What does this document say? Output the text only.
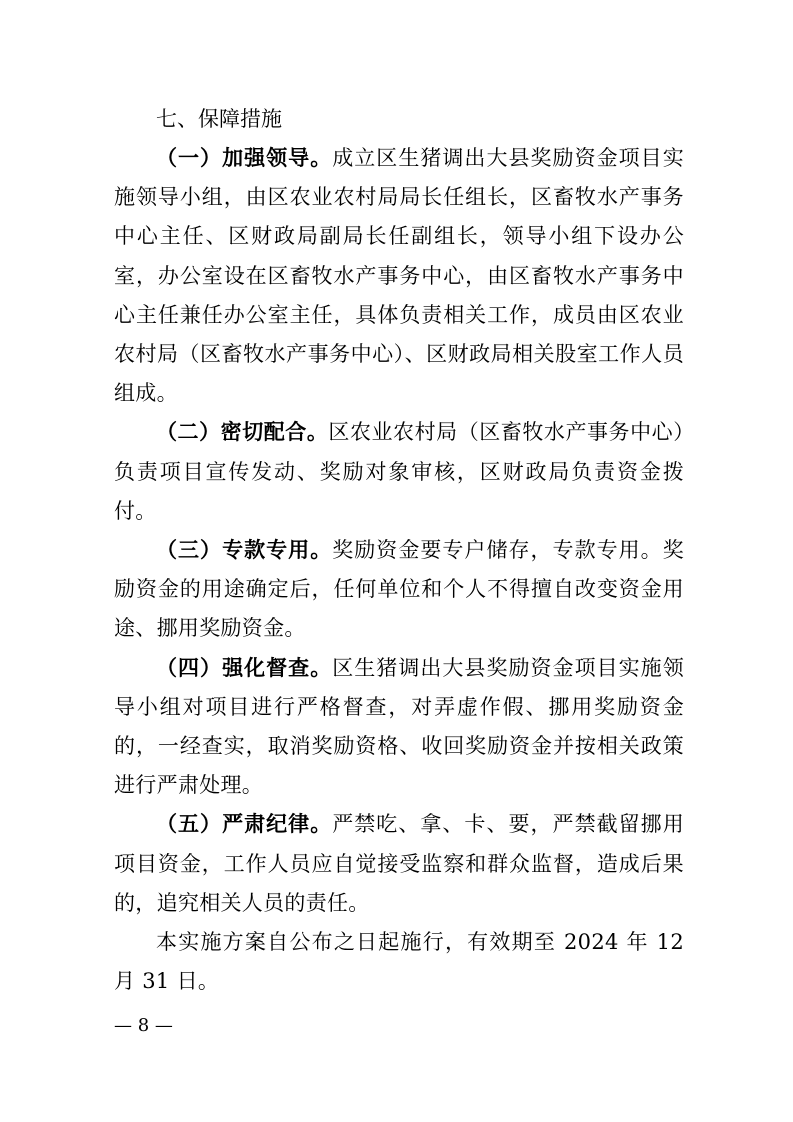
七、保障措施

（一）加强领导。成立区生猪调出大县奖励资金项目实施领导小组，由区农业农村局局长任组长，区畜牧水产事务中心主任、区财政局副局长任副组长，领导小组下设办公室，办公室设在区畜牧水产事务中心，由区畜牧水产事务中心主任兼任办公室主任，具体负责相关工作，成员由区农业农村局（区畜牧水产事务中心）、区财政局相关股室工作人员组成。

（二）密切配合。区农业农村局（区畜牧水产事务中心）负责项目宣传发动、奖励对象审核，区财政局负责资金拨付。

（三）专款专用。奖励资金要专户储存，专款专用。奖励资金的用途确定后，任何单位和个人不得擅自改变资金用途、挪用奖励资金。

（四）强化督查。区生猪调出大县奖励资金项目实施领导小组对项目进行严格督查，对弄虚作假、挪用奖励资金的，一经查实，取消奖励资格、收回奖励资金并按相关政策进行严肃处理。

（五）严肃纪律。严禁吃、拿、卡、要，严禁截留挪用项目资金，工作人员应自觉接受监察和群众监督，造成后果的，追究相关人员的责任。

本实施方案自公布之日起施行，有效期至 2024 年 12 月 31 日。

— 8 —
